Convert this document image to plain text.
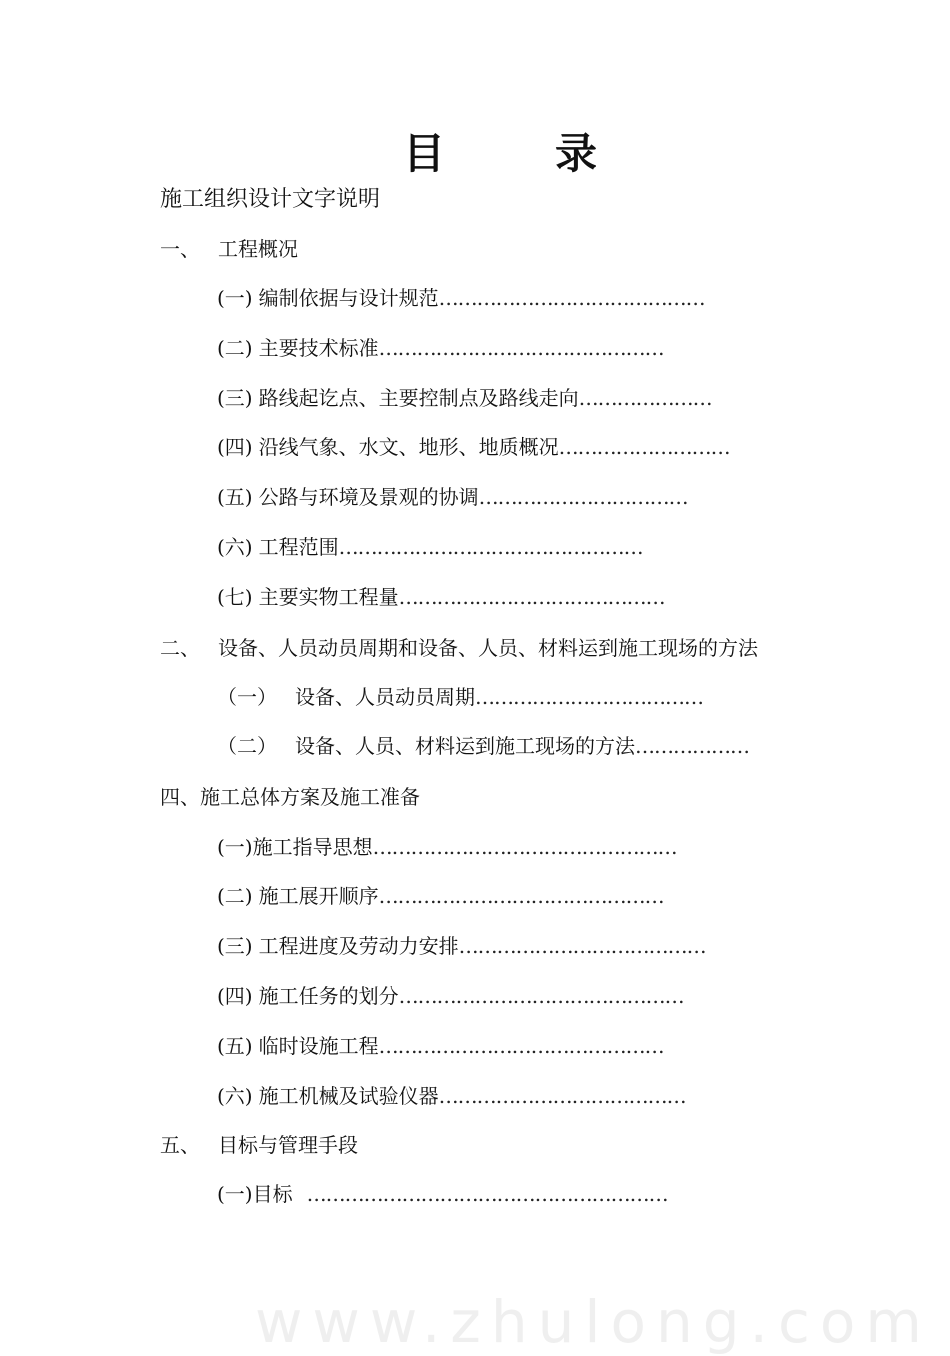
目	录
施工组织设计文字说明
一、 工程概况
(一) 编制依据与设计规范……………………………………
(二) 主要技术标准………………………………………
(三) 路线起讫点、主要控制点及路线走向…………………
(四) 沿线气象、水文、地形、地质概况………………………
(五) 公路与环境及景观的协调……………………………
(六) 工程范围…………………………………………
(七) 主要实物工程量……………………………………
二、 设备、人员动员周期和设备、人员、材料运到施工现场的方法
（一） 设备、人员动员周期………………………………
（二） 设备、人员、材料运到施工现场的方法………………
四、施工总体方案及施工准备
(一)施工指导思想…………………………………………
(二) 施工展开顺序………………………………………
(三) 工程进度及劳动力安排…………………………………
(四) 施工任务的划分………………………………………
(五) 临时设施工程………………………………………
(六) 施工机械及试验仪器…………………………………
五、 目标与管理手段
(一)目标 …………………………………………………
www.zhulong.com
